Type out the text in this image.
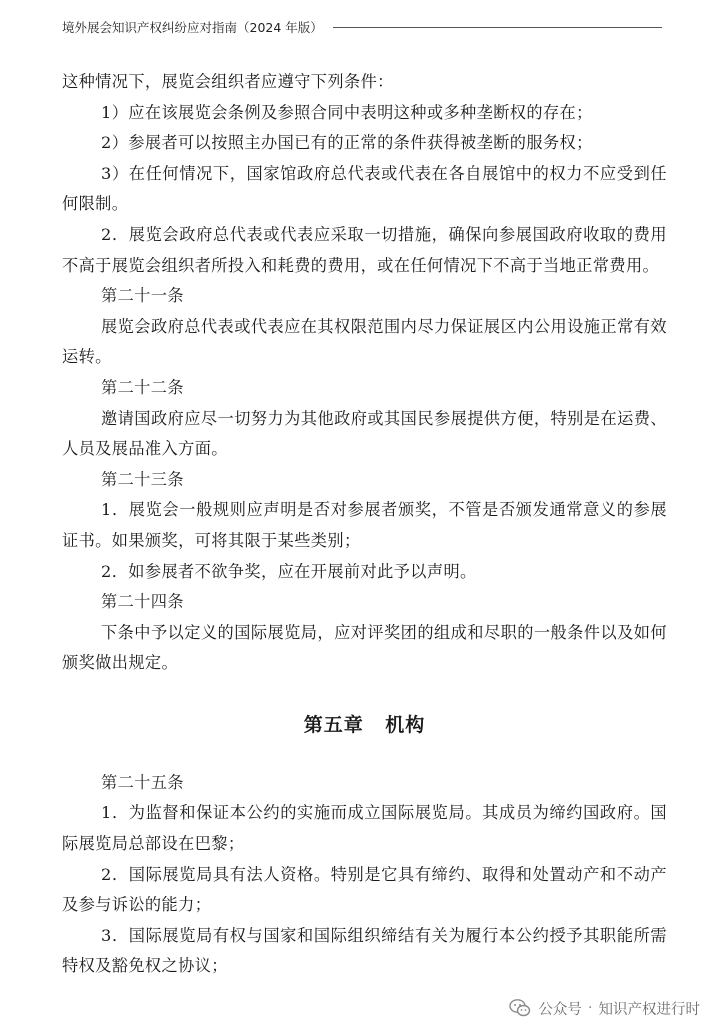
境外展会知识产权纠纷应对指南（2024 年版）

这种情况下，展览会组织者应遵守下列条件：

1）应在该展览会条例及参照合同中表明这种或多种垄断权的存在；

2）参展者可以按照主办国已有的正常的条件获得被垄断的服务权；

3）在任何情况下，国家馆政府总代表或代表在各自展馆中的权力不应受到任何限制。

2．展览会政府总代表或代表应采取一切措施，确保向参展国政府收取的费用不高于展览会组织者所投入和耗费的费用，或在任何情况下不高于当地正常费用。

第二十一条

展览会政府总代表或代表应在其权限范围内尽力保证展区内公用设施正常有效运转。

第二十二条

邀请国政府应尽一切努力为其他政府或其国民参展提供方便，特别是在运费、人员及展品准入方面。

第二十三条

1．展览会一般规则应声明是否对参展者颁奖，不管是否颁发通常意义的参展证书。如果颁奖，可将其限于某些类别；

2．如参展者不欲争奖，应在开展前对此予以声明。

第二十四条

下条中予以定义的国际展览局，应对评奖团的组成和尽职的一般条件以及如何颁奖做出规定。

第五章 机构

第二十五条

1．为监督和保证本公约的实施而成立国际展览局。其成员为缔约国政府。国际展览局总部设在巴黎；

2．国际展览局具有法人资格。特别是它具有缔约、取得和处置动产和不动产及参与诉讼的能力；

3．国际展览局有权与国家和国际组织缔结有关为履行本公约授予其职能所需特权及豁免权之协议；

公众号 · 知识产权进行时
